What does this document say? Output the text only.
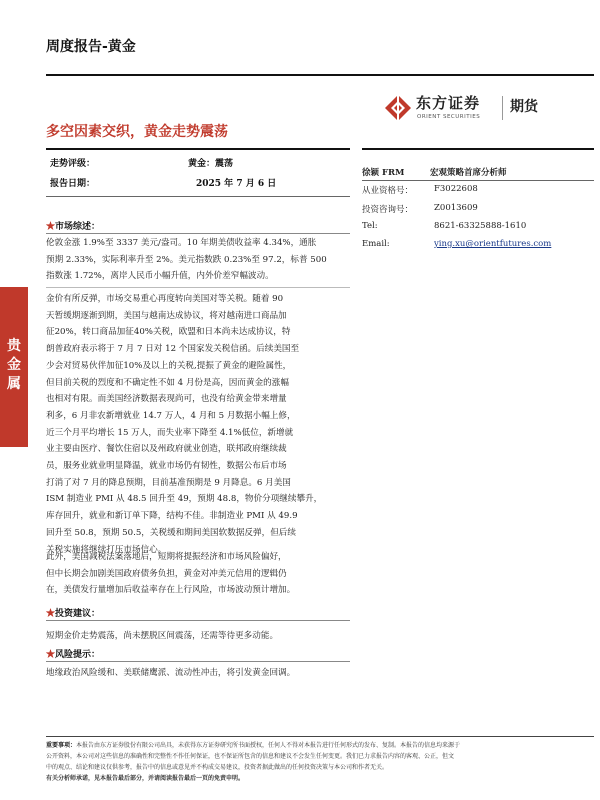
周度报告-黄金
东方证券
ORIENT SECURITIES
期货
多空因素交织，黄金走势震荡
走势评级：	黄金：震荡
报告日期：	2025 年 7 月 6 日
徐颖 FRM	宏观策略首席分析师
从业资格号： F3022608
投资咨询号： Z0013609
Tel:	8621-63325888-1610
Email:	ying.xu@orientfutures.com
贵金属
★市场综述：
伦敦金涨 1.9%至 3337 美元/盎司。10 年期美债收益率 4.34%，通胀
预期 2.33%，实际利率升至 2%。美元指数跌 0.23%至 97.2，标普 500
指数涨 1.72%，离岸人民币小幅升值，内外价差窄幅波动。
金价有所反弹，市场交易重心再度转向美国对等关税。随着 90
天暂缓期逐渐到期，美国与越南达成协议，将对越南进口商品加
征20%，转口商品加征40%关税，欧盟和日本尚未达成协议，特
朗普政府表示将于 7 月 7 日对 12 个国家发关税信函。后续美国至
少会对贸易伙伴加征10%及以上的关税,提振了黄金的避险属性，
但目前关税的烈度和不确定性不如 4 月份是高，因而黄金的涨幅
也相对有限。而美国经济数据表现尚可，也没有给黄金带来增量
利多，6 月非农新增就业 14.7 万人，4 月和 5 月数据小幅上修，
近三个月平均增长 15 万人，而失业率下降至 4.1%低位，新增就
业主要由医疗、餐饮住宿以及州政府就业创造，联邦政府继续裁
员，服务业就业明显降温，就业市场仍有韧性，数据公布后市场
打消了对 7 月的降息预期，目前基准预期是 9 月降息。6 月美国
ISM 制造业 PMI 从 48.5 回升至 49，预期 48.8，物价分项继续攀升，
库存回升，就业和新订单下降，结构不佳。非制造业 PMI 从 49.9
回升至 50.8，预期 50.5，关税缓和期间美国软数据反弹，但后续
关税实施将继续打压市场信心。
此外，美国减税法案落地后，短期将提振经济和市场风险偏好，
但中长期会加剧美国政府债务负担，黄金对冲美元信用的逻辑仍
在，美债发行量增加后收益率存在上行风险，市场波动预计增加。
★投资建议：
短期金价走势震荡，尚未摆脱区间震荡，还需等待更多动能。
★风险提示：
地缘政治风险缓和、美联储鹰派、流动性冲击，将引发黄金回调。
重要事项：本报告由东方证券股份有限公司出具，未获得东方证券研究所书面授权，任何人不得对本报告进行任何形式的发布、复制。本报告的信息均来源于
公开资料，本公司对这些信息的准确性和完整性不作任何保证，也不保证所包含的信息和建议不会发生任何变更。我们已力求报告内容的客观、公正，但文
中的观点、结论和建议仅供参考，报告中的信息或意见并不构成交易建议，投资者据此做出的任何投资决策与本公司和作者无关。
有关分析师承诺，见本报告最后部分，并请阅读报告最后一页的免责申明。
